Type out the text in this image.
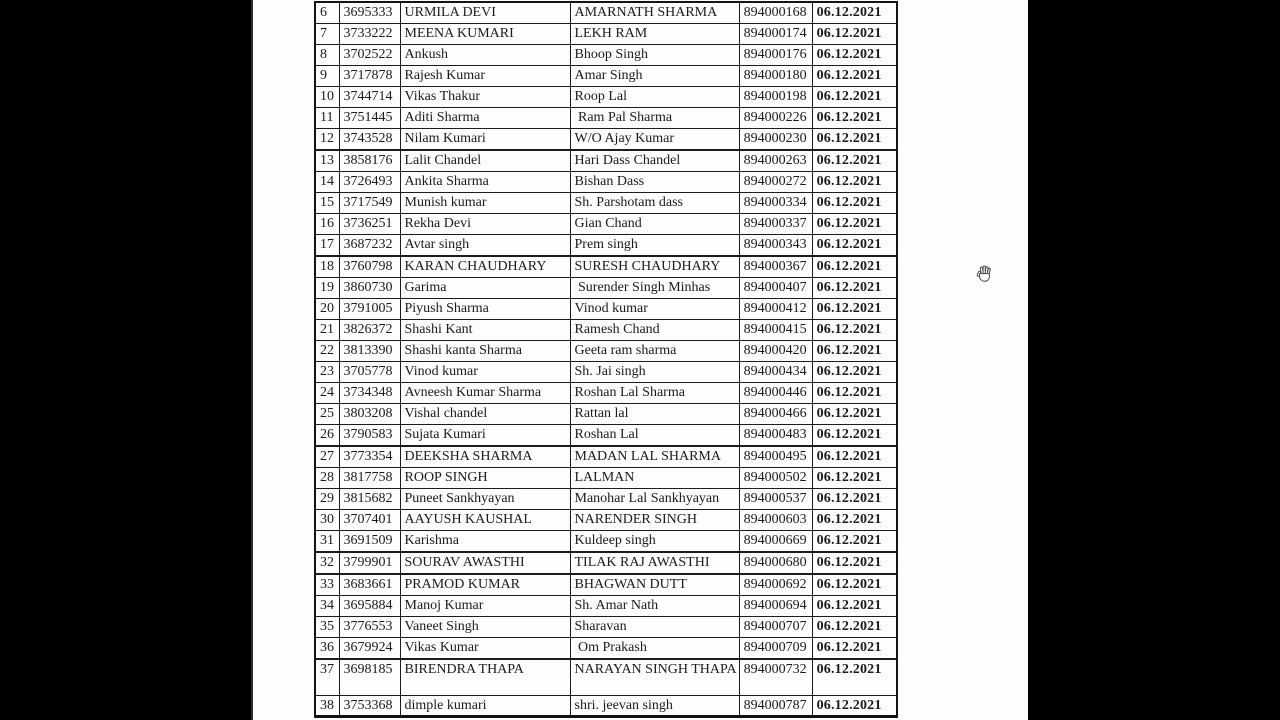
6	3695333	URMILA DEVI	AMARNATH SHARMA	894000168	06.12.2021
7	3733222	MEENA KUMARI	LEKH RAM	894000174	06.12.2021
8	3702522	Ankush	Bhoop Singh	894000176	06.12.2021
9	3717878	Rajesh Kumar	Amar Singh	894000180	06.12.2021
10	3744714	Vikas Thakur	Roop Lal	894000198	06.12.2021
11	3751445	Aditi Sharma	Ram Pal Sharma	894000226	06.12.2021
12	3743528	Nilam Kumari	W/O Ajay Kumar	894000230	06.12.2021
13	3858176	Lalit Chandel	Hari Dass Chandel	894000263	06.12.2021
14	3726493	Ankita Sharma	Bishan Dass	894000272	06.12.2021
15	3717549	Munish kumar	Sh. Parshotam dass	894000334	06.12.2021
16	3736251	Rekha Devi	Gian Chand	894000337	06.12.2021
17	3687232	Avtar singh	Prem singh	894000343	06.12.2021
18	3760798	KARAN CHAUDHARY	SURESH CHAUDHARY	894000367	06.12.2021
19	3860730	Garima	Surender Singh Minhas	894000407	06.12.2021
20	3791005	Piyush Sharma	Vinod kumar	894000412	06.12.2021
21	3826372	Shashi Kant	Ramesh Chand	894000415	06.12.2021
22	3813390	Shashi kanta Sharma	Geeta ram sharma	894000420	06.12.2021
23	3705778	Vinod kumar	Sh. Jai singh	894000434	06.12.2021
24	3734348	Avneesh Kumar Sharma	Roshan Lal Sharma	894000446	06.12.2021
25	3803208	Vishal chandel	Rattan lal	894000466	06.12.2021
26	3790583	Sujata Kumari	Roshan Lal	894000483	06.12.2021
27	3773354	DEEKSHA SHARMA	MADAN LAL SHARMA	894000495	06.12.2021
28	3817758	ROOP SINGH	LALMAN	894000502	06.12.2021
29	3815682	Puneet Sankhyayan	Manohar Lal Sankhyayan	894000537	06.12.2021
30	3707401	AAYUSH KAUSHAL	NARENDER SINGH	894000603	06.12.2021
31	3691509	Karishma	Kuldeep singh	894000669	06.12.2021
32	3799901	SOURAV AWASTHI	TILAK RAJ AWASTHI	894000680	06.12.2021
33	3683661	PRAMOD KUMAR	BHAGWAN DUTT	894000692	06.12.2021
34	3695884	Manoj Kumar	Sh. Amar Nath	894000694	06.12.2021
35	3776553	Vaneet Singh	Sharavan	894000707	06.12.2021
36	3679924	Vikas Kumar	Om Prakash	894000709	06.12.2021
37	3698185	BIRENDRA THAPA	NARAYAN SINGH THAPA	894000732	06.12.2021
38	3753368	dimple kumari	shri. jeevan singh	894000787	06.12.2021
